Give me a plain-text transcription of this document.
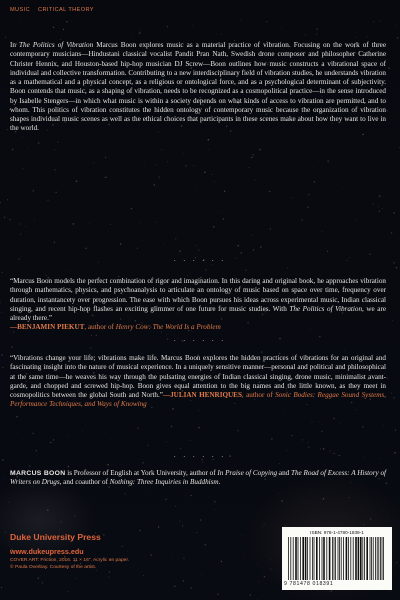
MUSIC CRITICAL THEORY

In The Politics of Vibration Marcus Boon explores music as a material practice of vibration. Focusing on the work of three contemporary musicians—Hindustani classical vocalist Pandit Pran Nath, Swedish drone composer and philosopher Catherine Christer Hennix, and Houston-based hip-hop musician DJ Screw—Boon outlines how music constructs a vibrational space of individual and collective transformation. Contributing to a new interdisciplinary field of vibration studies, he understands vibration as a mathematical and a physical concept, as a religious or ontological force, and as a psychological determinant of subjectivity. Boon contends that music, as a shaping of vibration, needs to be recognized as a cosmopolitical practice—in the sense introduced by Isabelle Stengers—in which what music is within a society depends on what kinds of access to vibration are permitted, and to whom. This politics of vibration constitutes the hidden ontology of contemporary music because the organization of vibration shapes individual music scenes as well as the ethical choices that participants in these scenes make about how they want to live in the world.

. . . . . .

“Marcus Boon models the perfect combination of rigor and imagination. In this daring and original book, he approaches vibration through mathematics, physics, and psychoanalysis to articulate an ontology of music based on space over time, frequency over duration, instantancety over progression. The ease with which Boon pursues his ideas across experimental music, Indian classical singing, and recent hip-hop flashes an exciting glimmer of one future for music studies. With The Politics of Vibration, we are already there.”
—BENJAMIN PIEKUT, author of Henry Cow: The World Is a Problem

. . . . . .

“Vibrations change your life; vibrations make life. Marcus Boon explores the hidden practices of vibrations for an original and fascinating insight into the nature of musical experience. In a uniquely sensitive manner—personal and political and philosophical at the same time—he weaves his way through the pulsating energies of Indian classical singing, drone music, minimalist avant-garde, and chopped and screwed hip-hop. Boon gives equal attention to the big names and the little known, as they meet in cosmopolitics between the global South and North.”—JULIAN HENRIQUES, author of Sonic Bodies: Reggae Sound Systems, Performance Techniques, and Ways of Knowing

. . . . . .

MARCUS BOON is Professor of English at York University, author of In Praise of Copying and The Road of Excess: A History of Writers on Drugs, and coauthor of Nothing: Three Inquiries in Buddhism.

Duke University Press
www.dukeupress.edu
COVER ART: Friction, 2016. 11 × 16". Acrylic on paper.
© Paula Overbay. Courtesy of the artist.
ISBN: 978-1-4780-1839-1
9 781478 018391
